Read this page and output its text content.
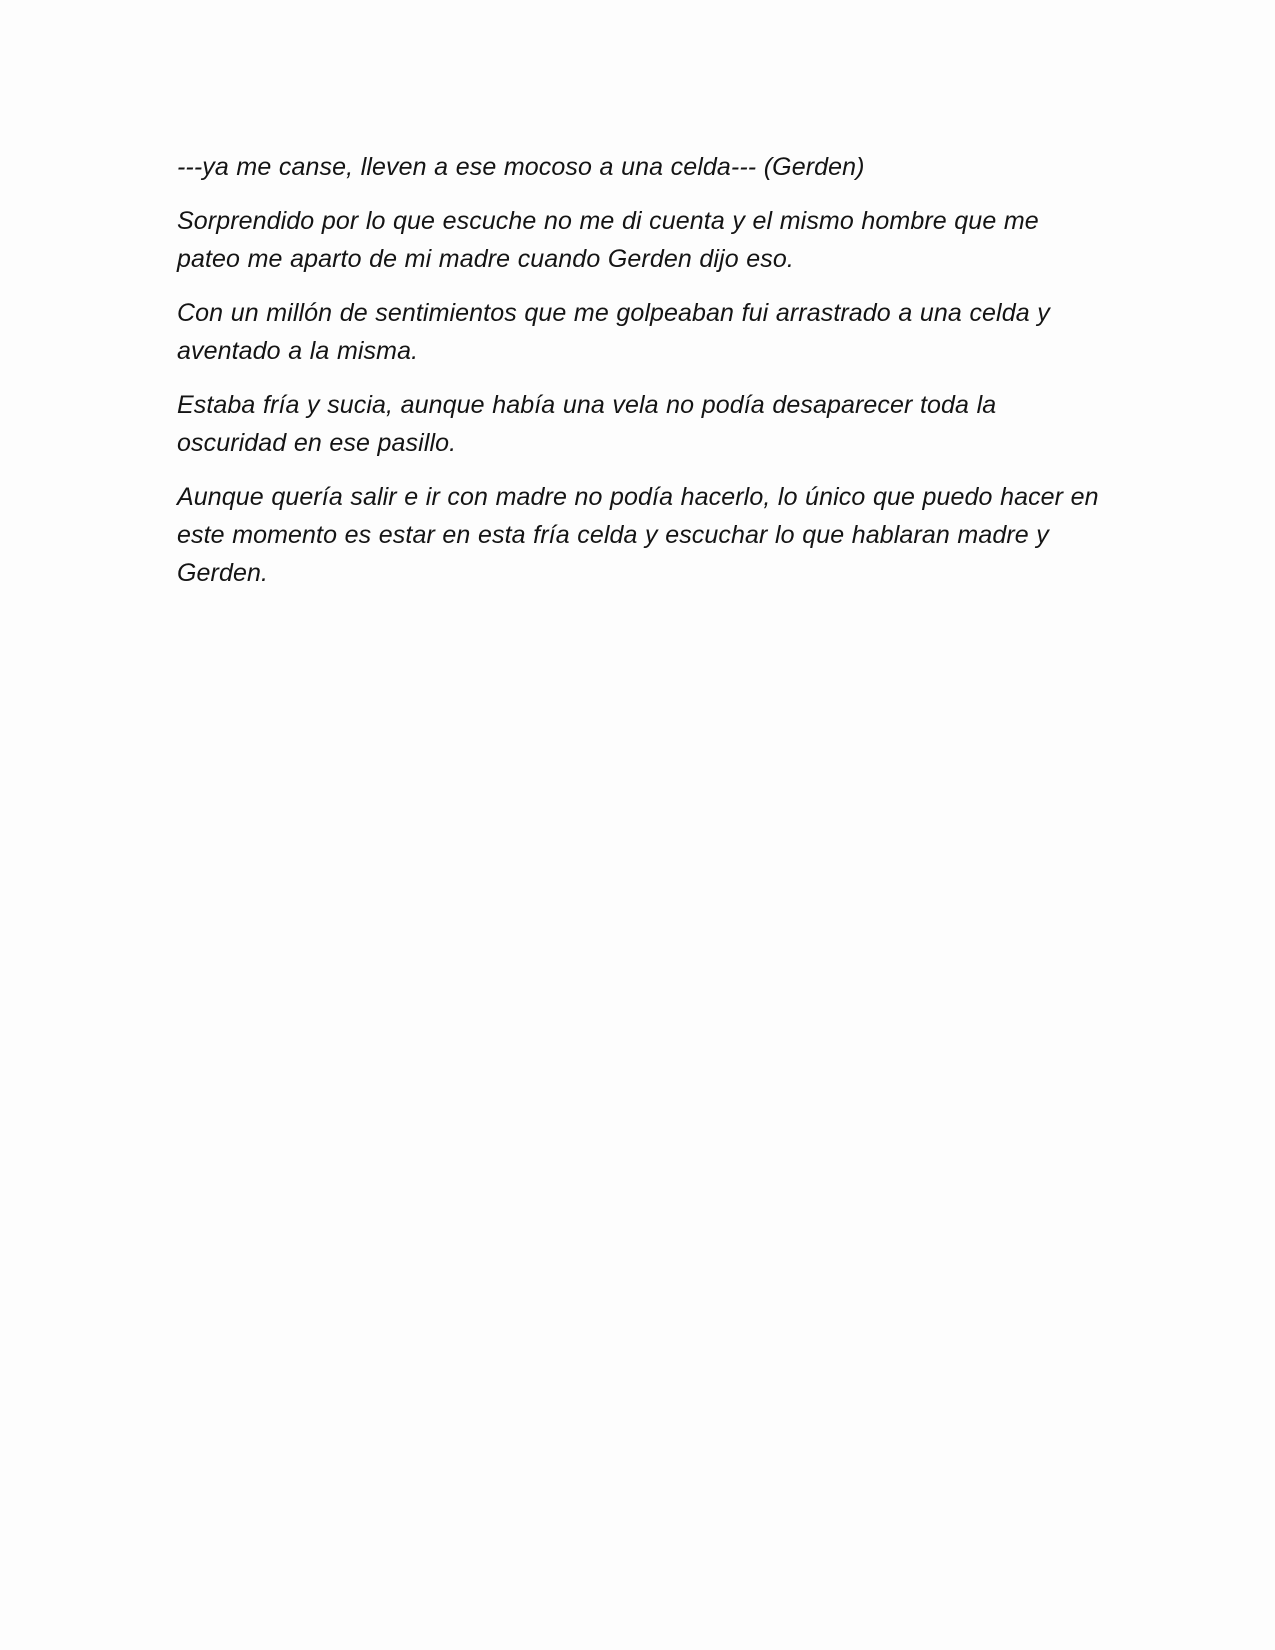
---ya me canse, lleven a ese mocoso a una celda--- (Gerden)

Sorprendido por lo que escuche no me di cuenta y el mismo hombre que me pateo me aparto de mi madre cuando Gerden dijo eso.

Con un millón de sentimientos que me golpeaban fui arrastrado a una celda y aventado a la misma.

Estaba fría y sucia, aunque había una vela no podía desaparecer toda la oscuridad en ese pasillo.

Aunque quería salir e ir con madre no podía hacerlo, lo único que puedo hacer en este momento es estar en esta fría celda y escuchar lo que hablaran madre y Gerden.
